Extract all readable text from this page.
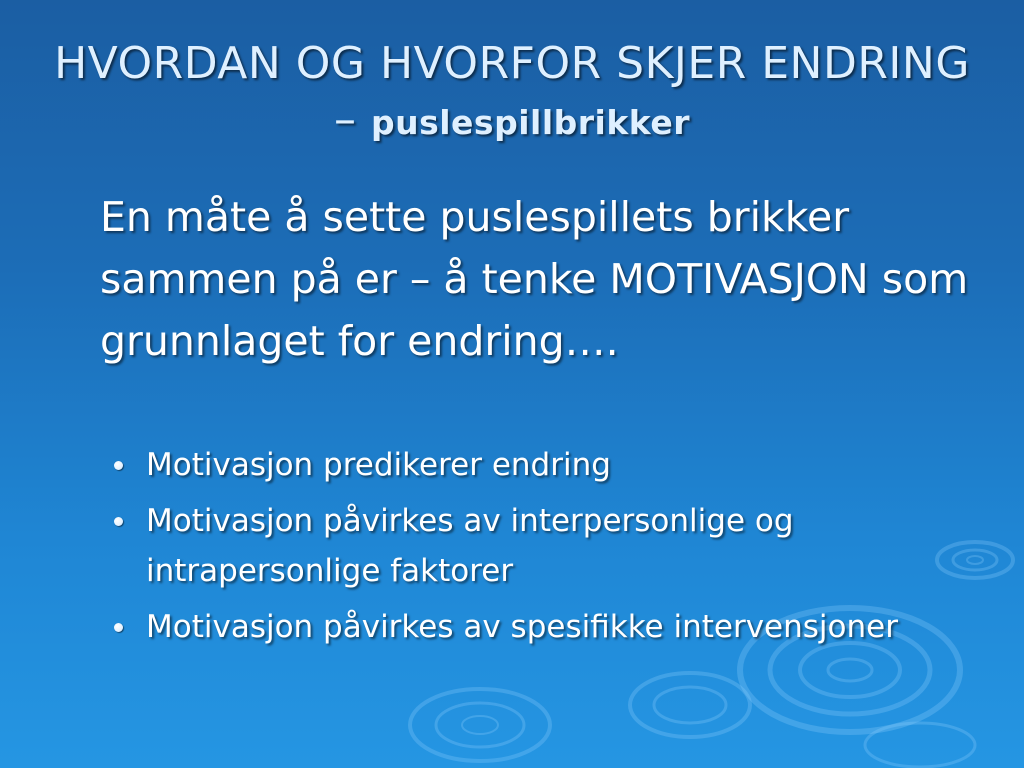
HVORDAN OG HVORFOR SKJER ENDRING – puslespillbrikker
En måte å sette puslespillets brikker sammen på er – å tenke MOTIVASJON som grunnlaget for endring….
Motivasjon predikerer endring
Motivasjon påvirkes av interpersonlige og intrapersonlige faktorer
Motivasjon påvirkes av spesifikke intervensjoner
